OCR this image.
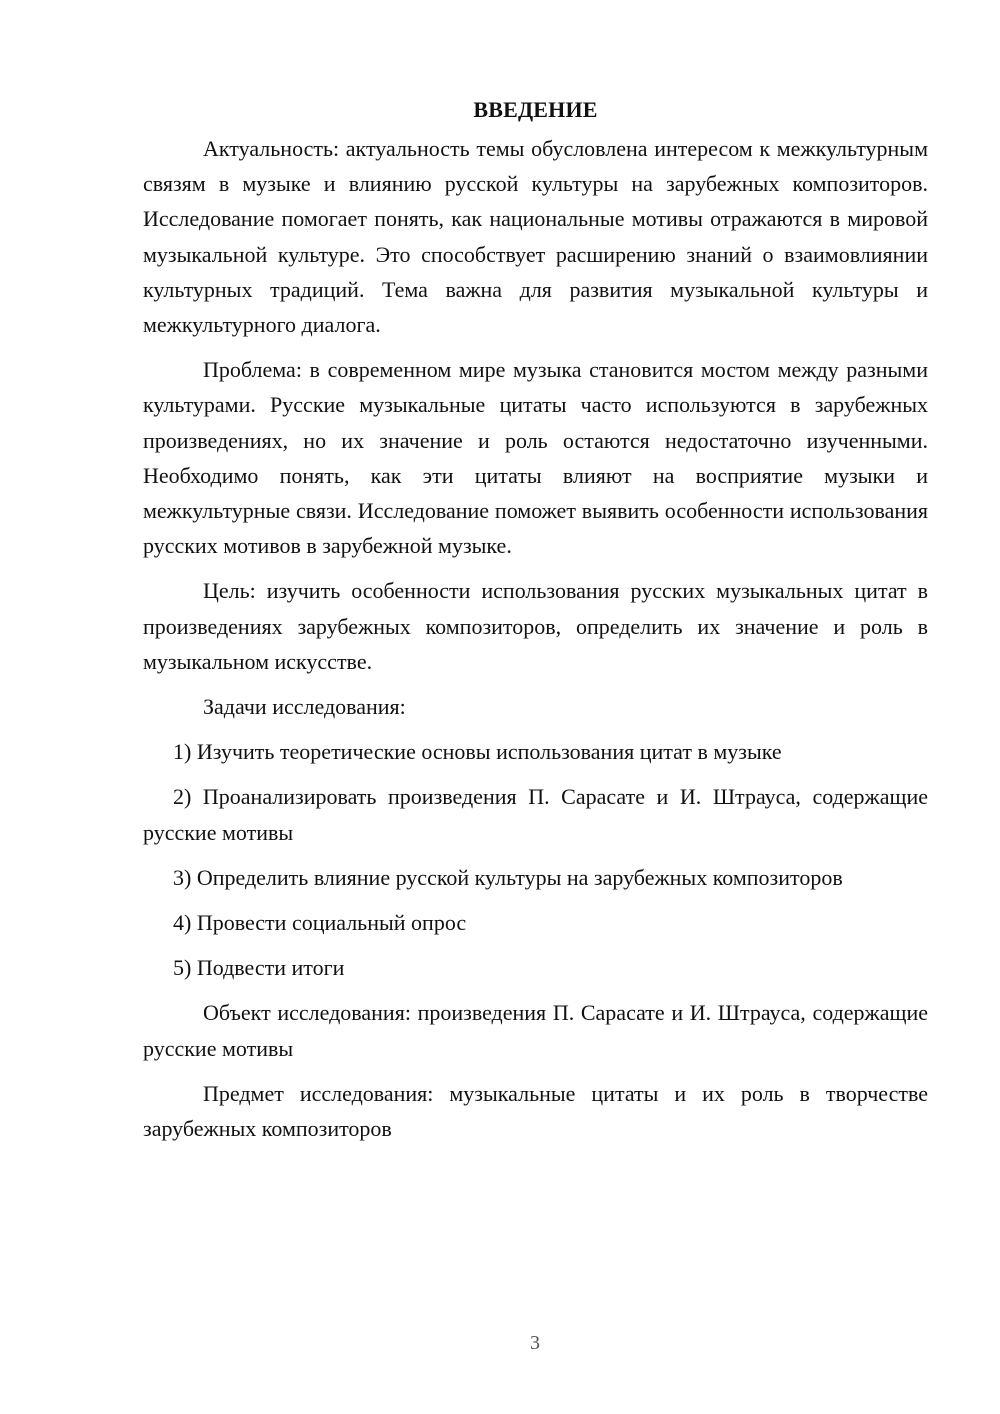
ВВЕДЕНИЕ
Актуальность: актуальность темы обусловлена интересом к межкультурным связям в музыке и влиянию русской культуры на зарубежных композиторов. Исследование помогает понять, как национальные мотивы отражаются в мировой музыкальной культуре. Это способствует расширению знаний о взаимовлиянии культурных традиций. Тема важна для развития музыкальной культуры и межкультурного диалога.
Проблема: в современном мире музыка становится мостом между разными культурами. Русские музыкальные цитаты часто используются в зарубежных произведениях, но их значение и роль остаются недостаточно изученными. Необходимо понять, как эти цитаты влияют на восприятие музыки и межкультурные связи. Исследование поможет выявить особенности использования русских мотивов в зарубежной музыке.
Цель: изучить особенности использования русских музыкальных цитат в произведениях зарубежных композиторов, определить их значение и роль в музыкальном искусстве.
Задачи исследования:
1) Изучить теоретические основы использования цитат в музыке
2) Проанализировать произведения П. Сарасате и И. Штрауса, содержащие русские мотивы
3) Определить влияние русской культуры на зарубежных композиторов
4) Провести социальный опрос
5) Подвести итоги
Объект исследования: произведения П. Сарасате и И. Штрауса, содержащие русские мотивы
Предмет исследования: музыкальные цитаты и их роль в творчестве зарубежных композиторов
3
